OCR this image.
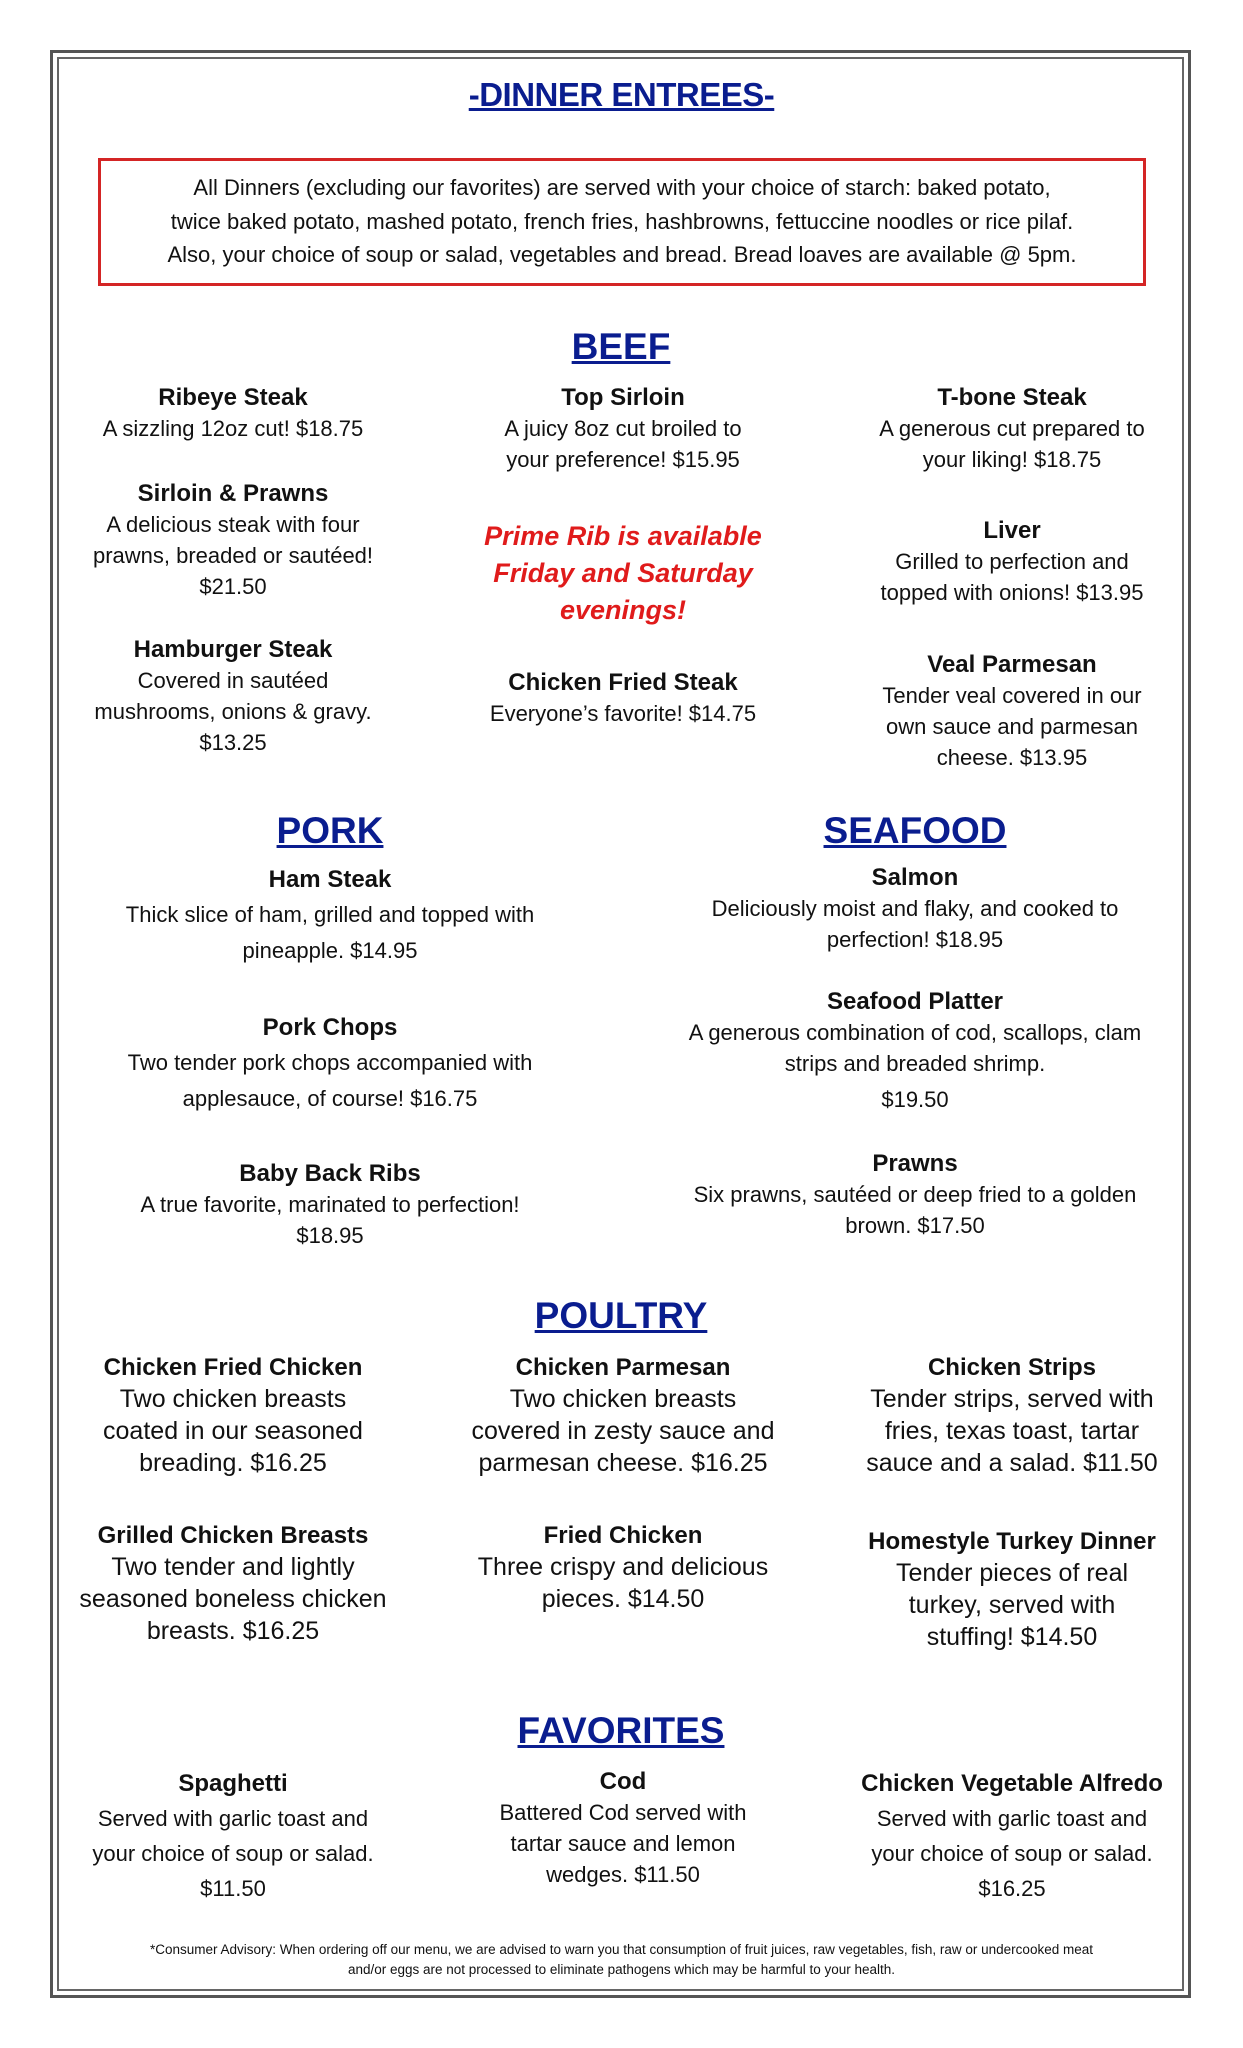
-DINNER ENTREES-
All Dinners (excluding our favorites) are served with your choice of starch: baked potato,
twice baked potato, mashed potato, french fries, hashbrowns, fettuccine noodles or rice pilaf.
Also, your choice of soup or salad, vegetables and bread. Bread loaves are available @ 5pm.
BEEF
Ribeye Steak
A sizzling 12oz cut! $18.75
Top Sirloin
A juicy 8oz cut broiled to
your preference! $15.95
T-bone Steak
A generous cut prepared to
your liking! $18.75
Sirloin & Prawns
A delicious steak with four
prawns, breaded or sautéed!
$21.50
Prime Rib is available
Friday and Saturday
evenings!
Liver
Grilled to perfection and
topped with onions! $13.95
Hamburger Steak
Covered in sautéed
mushrooms, onions & gravy.
$13.25
Chicken Fried Steak
Everyone’s favorite! $14.75
Veal Parmesan
Tender veal covered in our
own sauce and parmesan
cheese. $13.95
PORK
Ham Steak
Thick slice of ham, grilled and topped with
pineapple. $14.95
Pork Chops
Two tender pork chops accompanied with
applesauce, of course! $16.75
Baby Back Ribs
A true favorite, marinated to perfection!
$18.95
SEAFOOD
Salmon
Deliciously moist and flaky, and cooked to
perfection! $18.95
Seafood Platter
A generous combination of cod, scallops, clam
strips and breaded shrimp.
$19.50
Prawns
Six prawns, sautéed or deep fried to a golden
brown. $17.50
POULTRY
Chicken Fried Chicken
Two chicken breasts
coated in our seasoned
breading. $16.25
Chicken Parmesan
Two chicken breasts
covered in zesty sauce and
parmesan cheese. $16.25
Chicken Strips
Tender strips, served with
fries, texas toast, tartar
sauce and a salad. $11.50
Grilled Chicken Breasts
Two tender and lightly
seasoned boneless chicken
breasts. $16.25
Fried Chicken
Three crispy and delicious
pieces. $14.50
Homestyle Turkey Dinner
Tender pieces of real
turkey, served with
stuffing! $14.50
FAVORITES
Spaghetti
Served with garlic toast and
your choice of soup or salad.
$11.50
Cod
Battered Cod served with
tartar sauce and lemon
wedges. $11.50
Chicken Vegetable Alfredo
Served with garlic toast and
your choice of soup or salad.
$16.25
*Consumer Advisory: When ordering off our menu, we are advised to warn you that consumption of fruit juices, raw vegetables, fish, raw or undercooked meat
and/or eggs are not processed to eliminate pathogens which may be harmful to your health.
